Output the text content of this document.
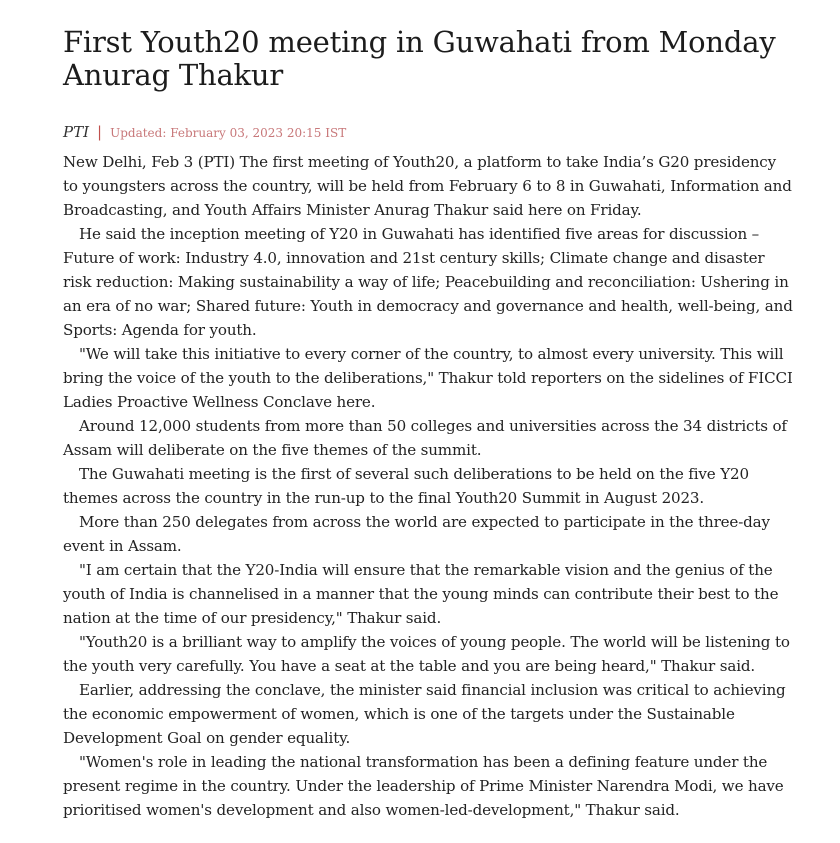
First Youth20 meeting in Guwahati from Monday Anurag Thakur
PTI | Updated: February 03, 2023 20:15 IST

New Delhi, Feb 3 (PTI) The first meeting of Youth20, a platform to take India’s G20 presidency to youngsters across the country, will be held from February 6 to 8 in Guwahati, Information and Broadcasting, and Youth Affairs Minister Anurag Thakur said here on Friday.

He said the inception meeting of Y20 in Guwahati has identified five areas for discussion – Future of work: Industry 4.0, innovation and 21st century skills; Climate change and disaster risk reduction: Making sustainability a way of life; Peacebuilding and reconciliation: Ushering in an era of no war; Shared future: Youth in democracy and governance and health, well-being, and Sports: Agenda for youth.

"We will take this initiative to every corner of the country, to almost every university. This will bring the voice of the youth to the deliberations," Thakur told reporters on the sidelines of FICCI Ladies Proactive Wellness Conclave here.

Around 12,000 students from more than 50 colleges and universities across the 34 districts of Assam will deliberate on the five themes of the summit.

The Guwahati meeting is the first of several such deliberations to be held on the five Y20 themes across the country in the run-up to the final Youth20 Summit in August 2023.

More than 250 delegates from across the world are expected to participate in the three-day event in Assam.

"I am certain that the Y20-India will ensure that the remarkable vision and the genius of the youth of India is channelised in a manner that the young minds can contribute their best to the nation at the time of our presidency," Thakur said.

"Youth20 is a brilliant way to amplify the voices of young people. The world will be listening to the youth very carefully. You have a seat at the table and you are being heard," Thakur said.

Earlier, addressing the conclave, the minister said financial inclusion was critical to achieving the economic empowerment of women, which is one of the targets under the Sustainable Development Goal on gender equality.

"Women's role in leading the national transformation has been a defining feature under the present regime in the country. Under the leadership of Prime Minister Narendra Modi, we have prioritised women's development and also women-led-development," Thakur said.
